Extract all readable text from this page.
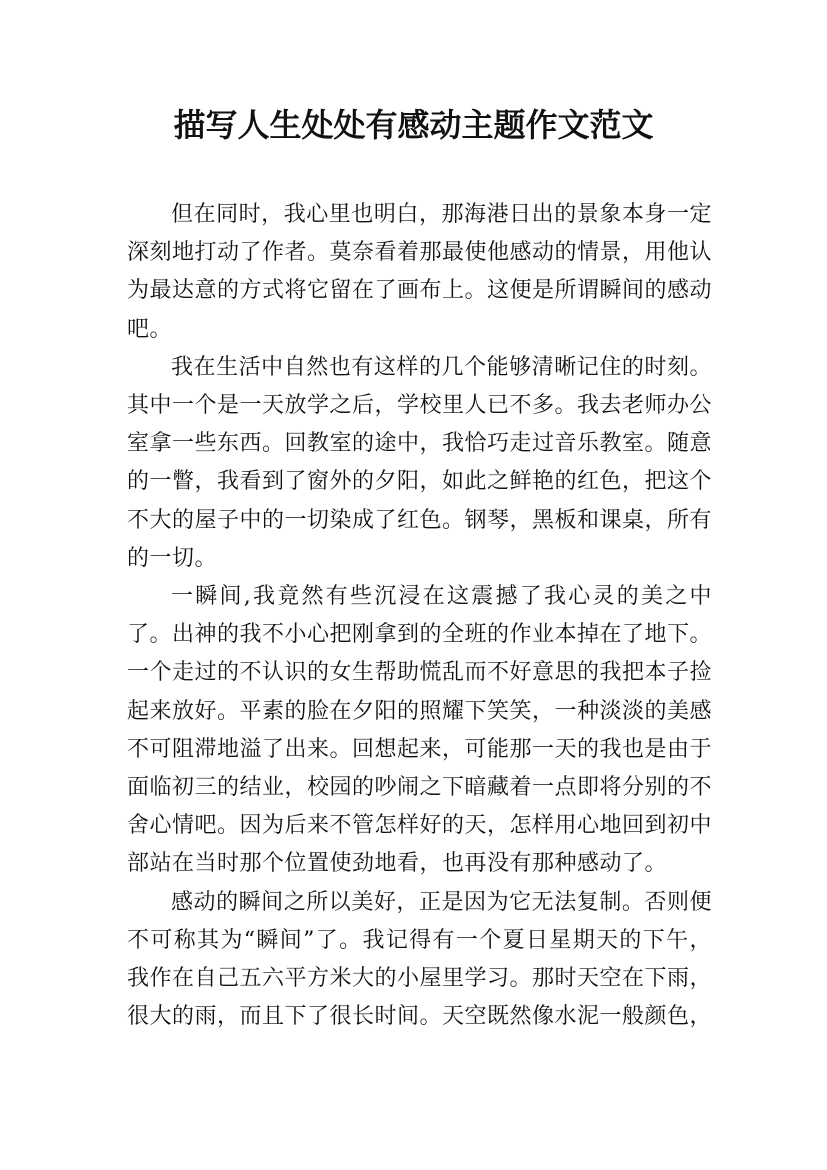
描写人生处处有感动主题作文范文

但在同时，我心里也明白，那海港日出的景象本身一定深刻地打动了作者。莫奈看着那最使他感动的情景，用他认为最达意的方式将它留在了画布上。这便是所谓瞬间的感动吧。

我在生活中自然也有这样的几个能够清晰记住的时刻。其中一个是一天放学之后，学校里人已不多。我去老师办公室拿一些东西。回教室的途中，我恰巧走过音乐教室。随意的一瞥，我看到了窗外的夕阳，如此之鲜艳的红色，把这个不大的屋子中的一切染成了红色。钢琴，黑板和课桌，所有的一切。

一瞬间,我竟然有些沉浸在这震撼了我心灵的美之中了。出神的我不小心把刚拿到的全班的作业本掉在了地下。一个走过的不认识的女生帮助慌乱而不好意思的我把本子捡起来放好。平素的脸在夕阳的照耀下笑笑，一种淡淡的美感不可阻滞地溢了出来。回想起来，可能那一天的我也是由于面临初三的结业，校园的吵闹之下暗藏着一点即将分别的不舍心情吧。因为后来不管怎样好的天，怎样用心地回到初中部站在当时那个位置使劲地看，也再没有那种感动了。

感动的瞬间之所以美好，正是因为它无法复制。否则便不可称其为“瞬间”了。我记得有一个夏日星期天的下午，我作在自己五六平方米大的小屋里学习。那时天空在下雨，很大的雨，而且下了很长时间。天空既然像水泥一般颜色，
